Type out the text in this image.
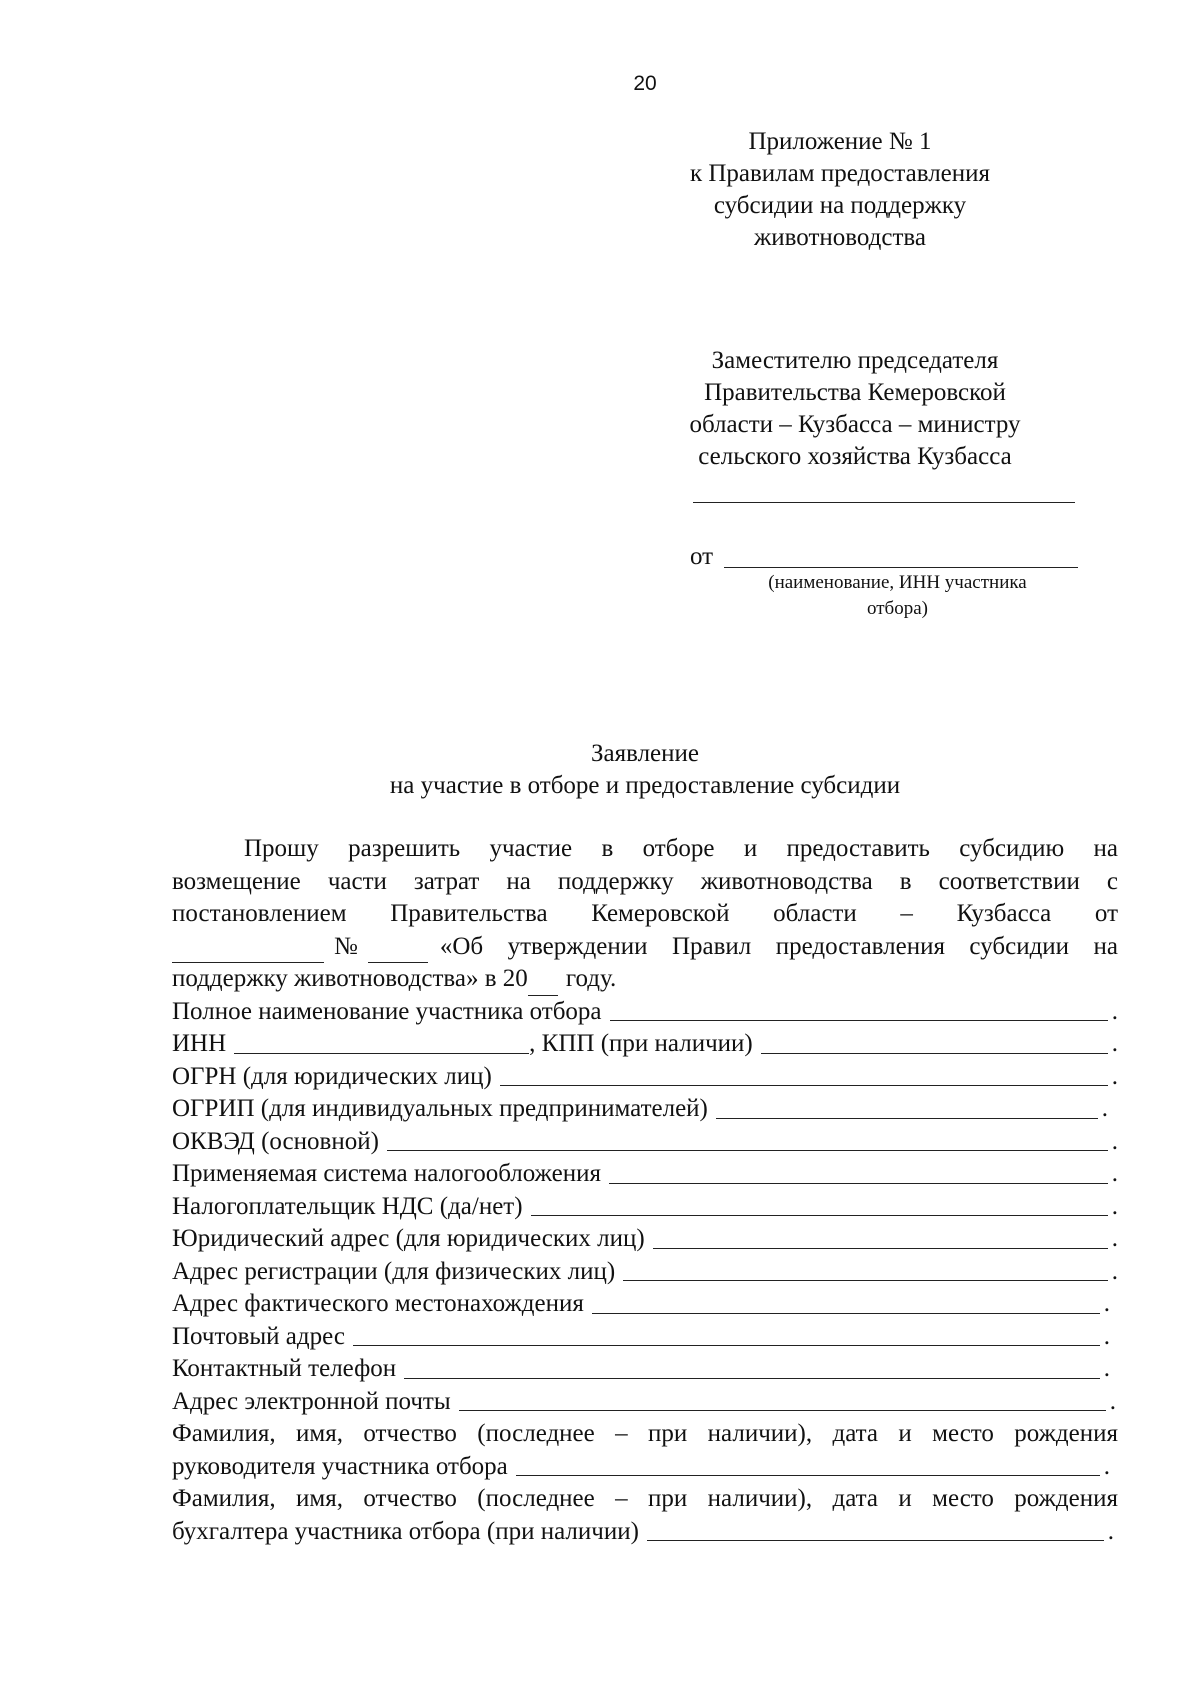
20
Приложение № 1
к Правилам предоставления
субсидии на поддержку
животноводства
Заместителю председателя
Правительства Кемеровской
области – Кузбасса – министру
сельского хозяйства Кузбасса
от
(наименование, ИНН участника
отбора)
Заявление
на участие в отборе и предоставление субсидии
Прошу разрешить участие в отборе и предоставить субсидию на
возмещение части затрат на поддержку животноводства в соответствии с
постановлением Правительства Кемеровской области – Кузбасса от
№	«Об утверждении Правил предоставления субсидии на
поддержку животноводства» в 20 году.
Полное наименование участника отбора	.
ИНН	, КПП (при наличии)	.
ОГРН (для юридических лиц)	.
ОГРИП (для индивидуальных предпринимателей)	.
ОКВЭД (основной)	.
Применяемая система налогообложения	.
Налогоплательщик НДС (да/нет)	.
Юридический адрес (для юридических лиц)	.
Адрес регистрации (для физических лиц)	.
Адрес фактического местонахождения	.
Почтовый адрес	.
Контактный телефон	.
Адрес электронной почты	.
Фамилия, имя, отчество (последнее – при наличии), дата и место рождения
руководителя участника отбора	.
Фамилия, имя, отчество (последнее – при наличии), дата и место рождения
бухгалтера участника отбора (при наличии)	.
